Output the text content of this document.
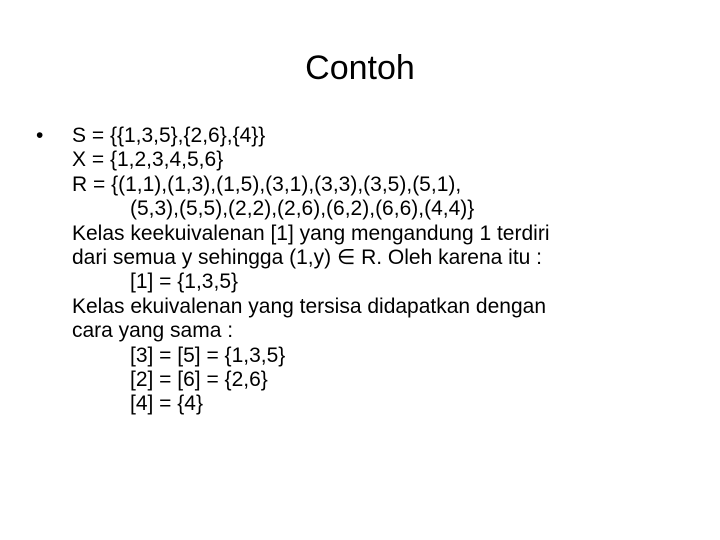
Contoh
• S = {{1,3,5},{2,6},{4}}
X = {1,2,3,4,5,6}
R = {(1,1),(1,3),(1,5),(3,1),(3,3),(3,5),(5,1),
(5,3),(5,5),(2,2),(2,6),(6,2),(6,6),(4,4)}
Kelas keekuivalenan [1] yang mengandung 1 terdiri
dari semua y sehingga (1,y) ∈ R. Oleh karena itu :
[1] = {1,3,5}
Kelas ekuivalenan yang tersisa didapatkan dengan
cara yang sama :
[3] = [5] = {1,3,5}
[2] = [6] = {2,6}
[4] = {4}
